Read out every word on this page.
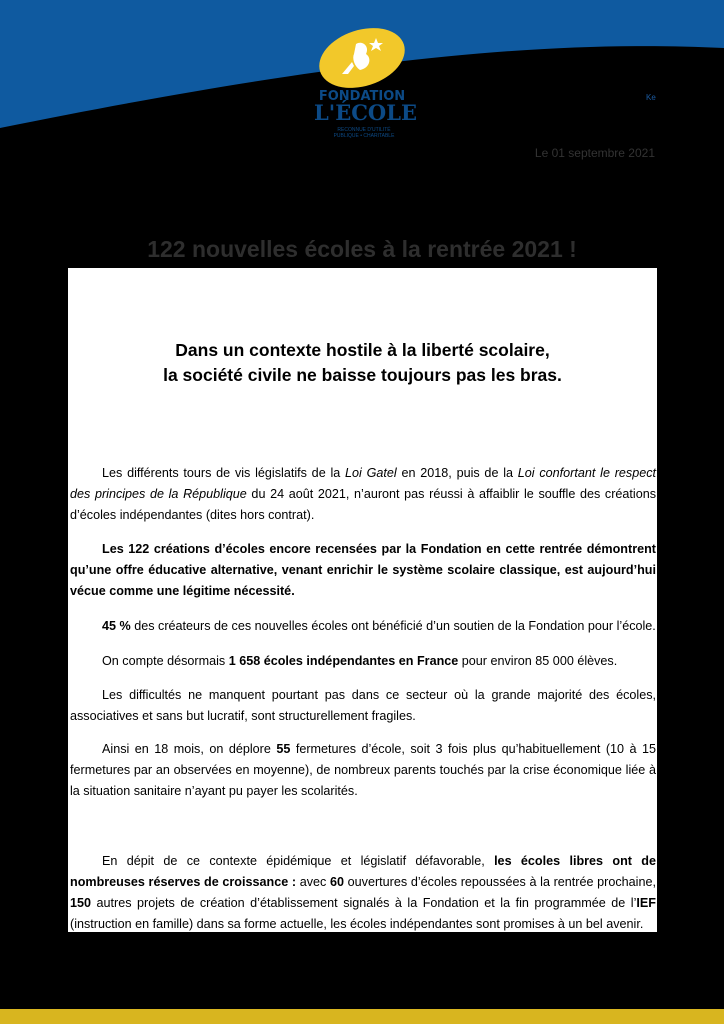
FONDATION
L'ÉCOLE
RECONNUE D'UTILITÉ
PUBLIQUE • CHARITABLE
Ke
Le 01 septembre 2021
122 nouvelles écoles à la rentrée 2021 !
Dans un contexte hostile à la liberté scolaire,
la société civile ne baisse toujours pas les bras.
Les différents tours de vis législatifs de la Loi Gatel en 2018, puis de la Loi confortant le respect des principes de la République du 24 août 2021, n’auront pas réussi à affaiblir le souffle des créations d’écoles indépendantes (dites hors contrat).
Les 122 créations d’écoles encore recensées par la Fondation en cette rentrée démontrent qu’une offre éducative alternative, venant enrichir le système scolaire classique, est aujourd’hui vécue comme une légitime nécessité.
45 % des créateurs de ces nouvelles écoles ont bénéficié d’un soutien de la Fondation pour l’école.
On compte désormais 1 658 écoles indépendantes en France pour environ 85 000 élèves.
Les difficultés ne manquent pourtant pas dans ce secteur où la grande majorité des écoles, associatives et sans but lucratif, sont structurellement fragiles.
Ainsi en 18 mois, on déplore 55 fermetures d’école, soit 3 fois plus qu’habituellement (10 à 15 fermetures par an observées en moyenne), de nombreux parents touchés par la crise économique liée à la situation sanitaire n’ayant pu payer les scolarités.
En dépit de ce contexte épidémique et législatif défavorable, les écoles libres ont de nombreuses réserves de croissance : avec 60 ouvertures d’écoles repoussées à la rentrée prochaine, 150 autres projets de création d’établissement signalés à la Fondation et la fin programmée de l’IEF (instruction en famille) dans sa forme actuelle, les écoles indépendantes sont promises à un bel avenir.
